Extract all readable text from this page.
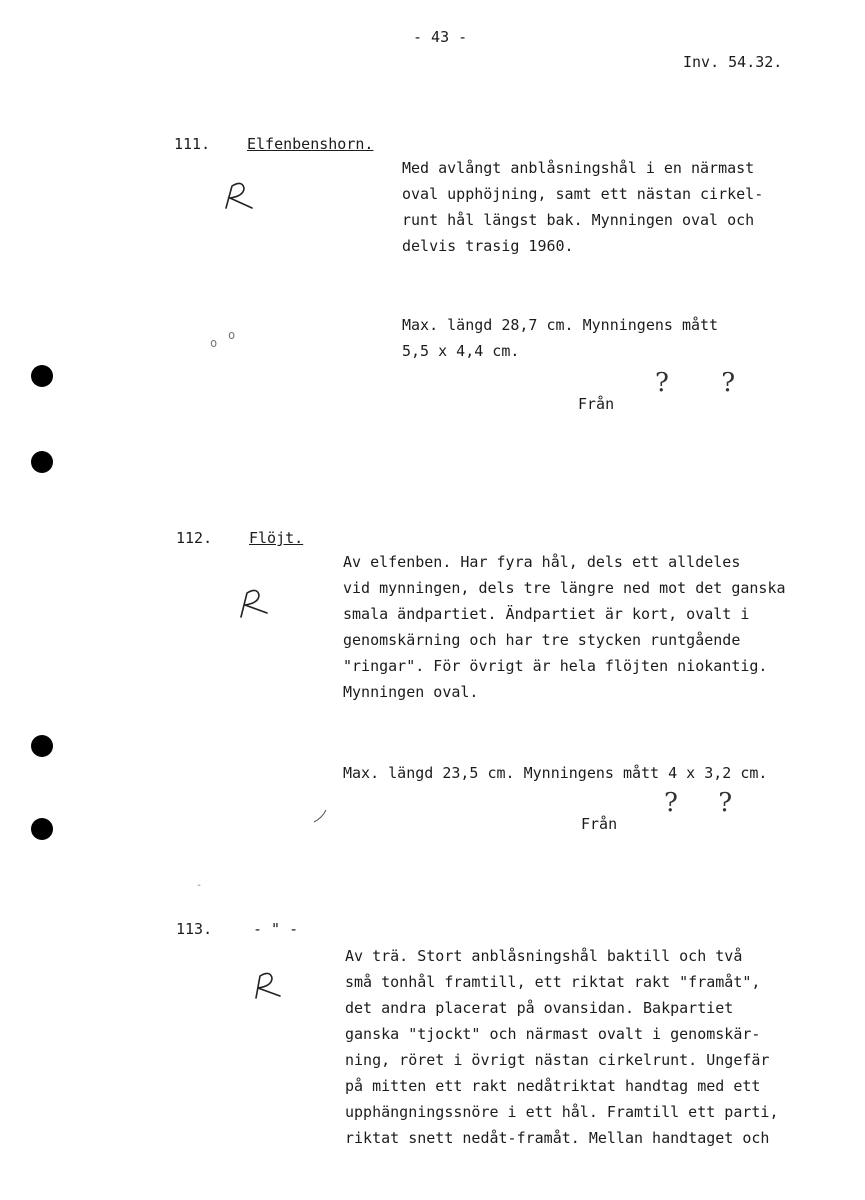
- 43 -
Inv. 54.32.
111. Elfenbenshorn.
Med avlångt anblåsningshål i en närmast
oval upphöjning, samt ett nästan cirkel-
runt hål längst bak. Mynningen oval och
delvis trasig 1960.
Max. längd 28,7 cm. Mynningens mått
5,5 x 4,4 cm.
Från
? ?
o
o
112. Flöjt.
Av elfenben. Har fyra hål, dels ett alldeles
vid mynningen, dels tre längre ned mot det ganska
smala ändpartiet. Ändpartiet är kort, ovalt i
genomskärning och har tre stycken runtgående
"ringar". För övrigt är hela flöjten niokantig.
Mynningen oval.
Max. längd 23,5 cm. Mynningens mått 4 x 3,2 cm.
Från
? ?
113.	- " -
Av trä. Stort anblåsningshål baktill och två
små tonhål framtill, ett riktat rakt "framåt",
det andra placerat på ovansidan. Bakpartiet
ganska "tjockt" och närmast ovalt i genomskär-
ning, röret i övrigt nästan cirkelrunt. Ungefär
på mitten ett rakt nedåtriktat handtag med ett
upphängningssnöre i ett hål. Framtill ett parti,
riktat snett nedåt-framåt. Mellan handtaget och
-
